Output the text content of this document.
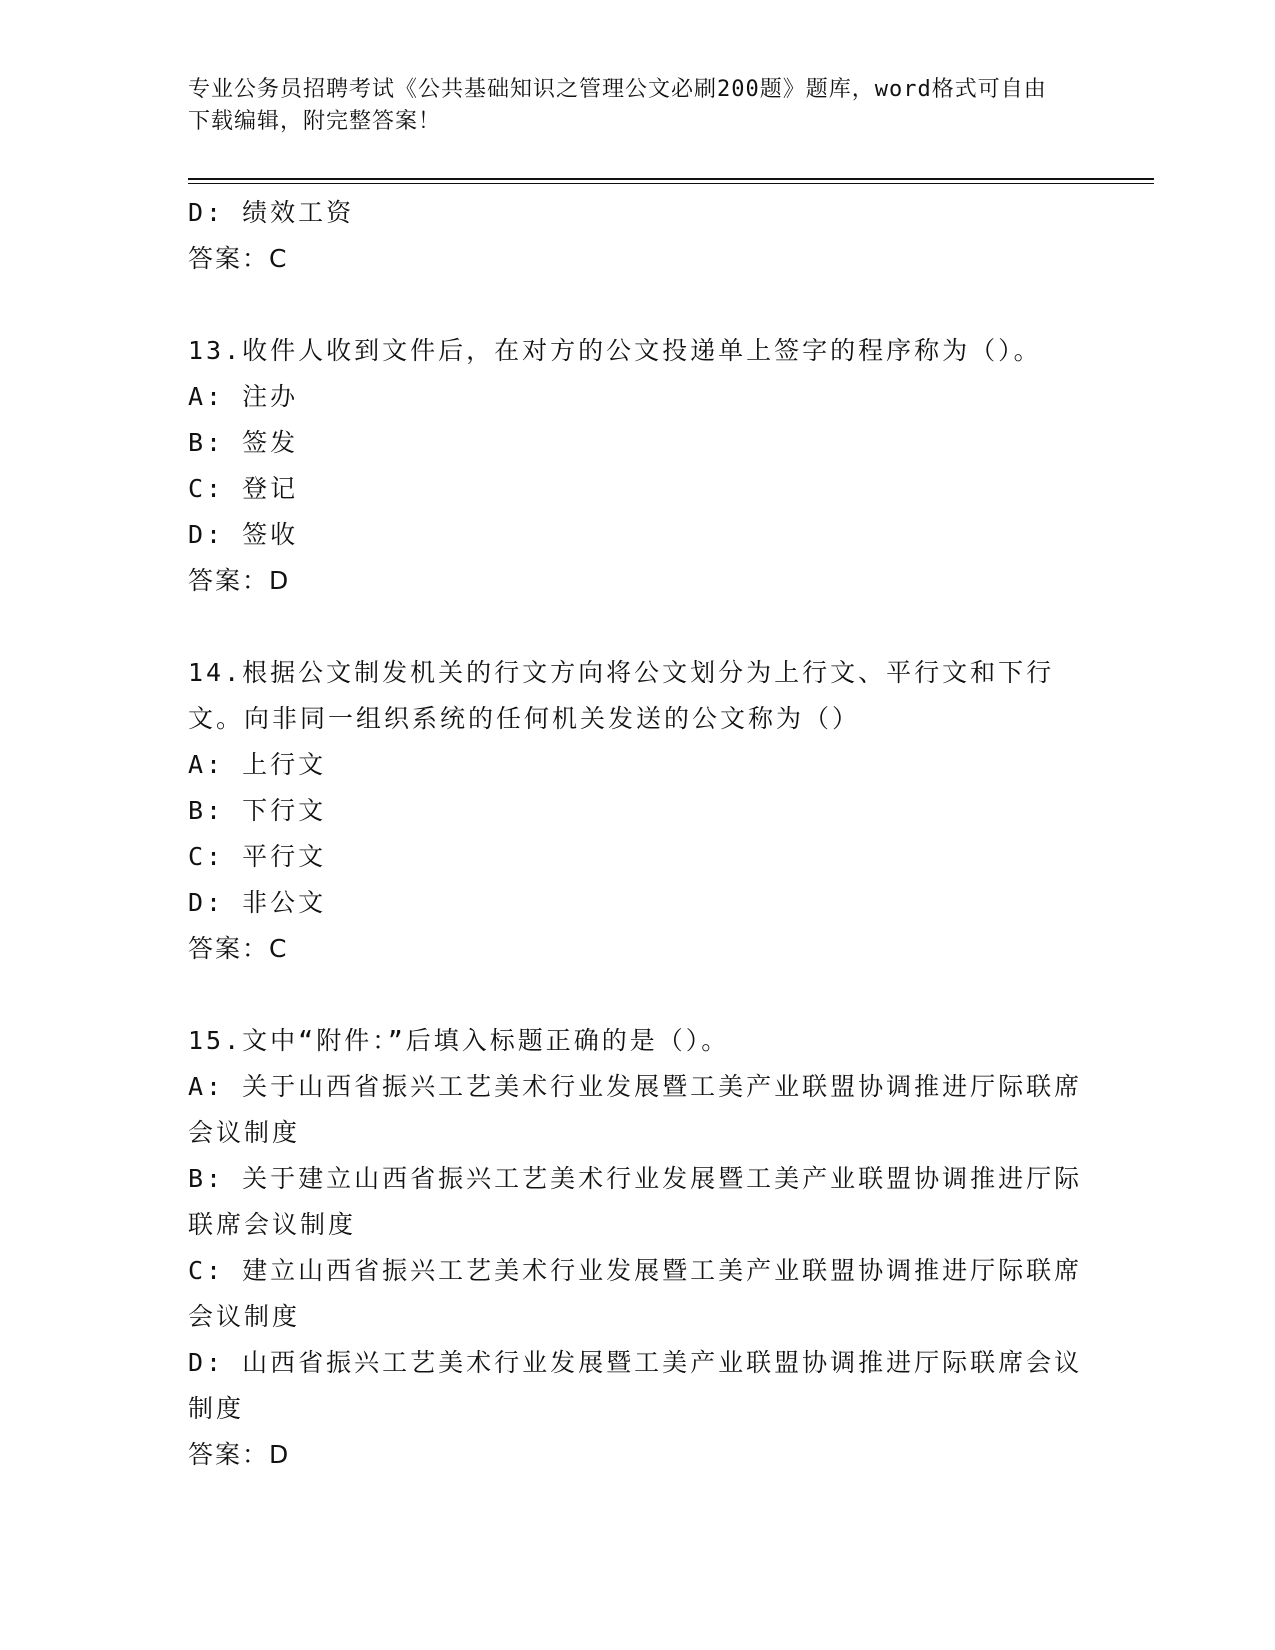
专业公务员招聘考试《公共基础知识之管理公文必刷200题》题库，word格式可自由下载编辑，附完整答案！
D: 绩效工资
答案：C
13.收件人收到文件后，在对方的公文投递单上签字的程序称为（）。
A: 注办
B: 签发
C: 登记
D: 签收
答案：D
14.根据公文制发机关的行文方向将公文划分为上行文、平行文和下行文。向非同一组织系统的任何机关发送的公文称为（）
A: 上行文
B: 下行文
C: 平行文
D: 非公文
答案：C
15.文中“附件：”后填入标题正确的是（）。
A: 关于山西省振兴工艺美术行业发展暨工美产业联盟协调推进厅际联席会议制度
B: 关于建立山西省振兴工艺美术行业发展暨工美产业联盟协调推进厅际联席会议制度
C: 建立山西省振兴工艺美术行业发展暨工美产业联盟协调推进厅际联席会议制度
D: 山西省振兴工艺美术行业发展暨工美产业联盟协调推进厅际联席会议制度
答案：D
